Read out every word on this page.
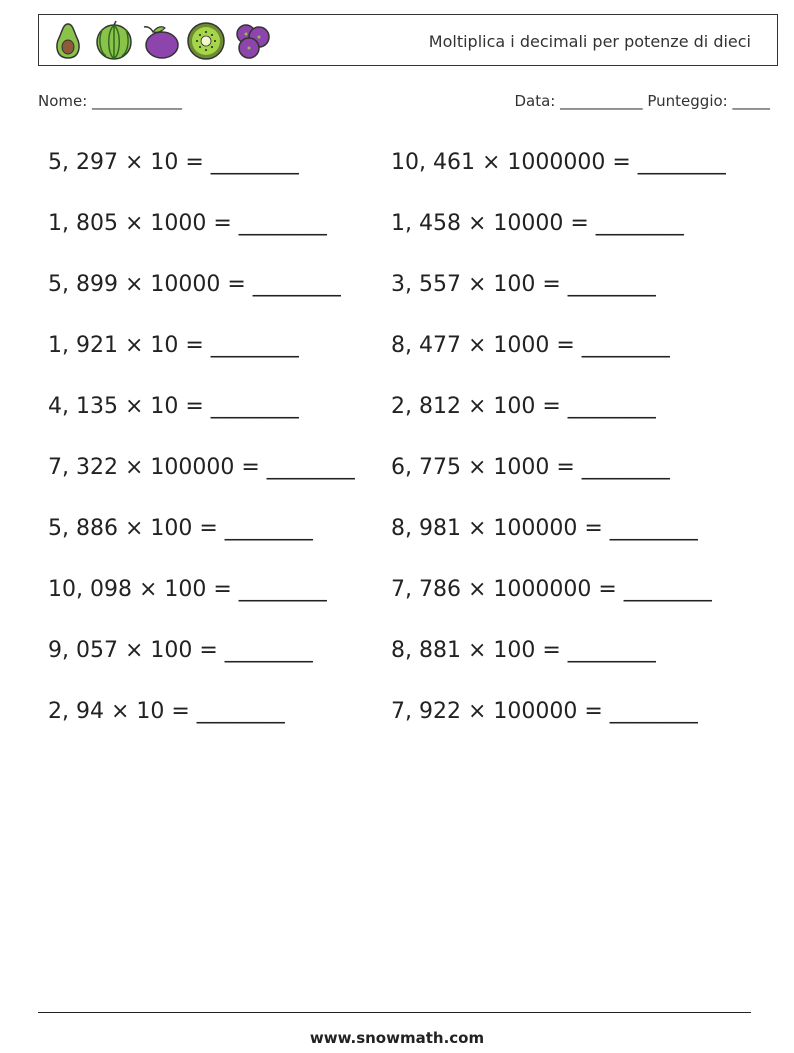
Moltiplica i decimali per potenze di dieci
Nome: ____________	Data: ___________ Punteggio: _____
5, 297 × 10 = ________
1, 805 × 1000 = ________
5, 899 × 10000 = ________
1, 921 × 10 = ________
4, 135 × 10 = ________
7, 322 × 100000 = ________
5, 886 × 100 = ________
10, 098 × 100 = ________
9, 057 × 100 = ________
2, 94 × 10 = ________
10, 461 × 1000000 = ________
1, 458 × 10000 = ________
3, 557 × 100 = ________
8, 477 × 1000 = ________
2, 812 × 100 = ________
6, 775 × 1000 = ________
8, 981 × 100000 = ________
7, 786 × 1000000 = ________
8, 881 × 100 = ________
7, 922 × 100000 = ________
www.snowmath.com
